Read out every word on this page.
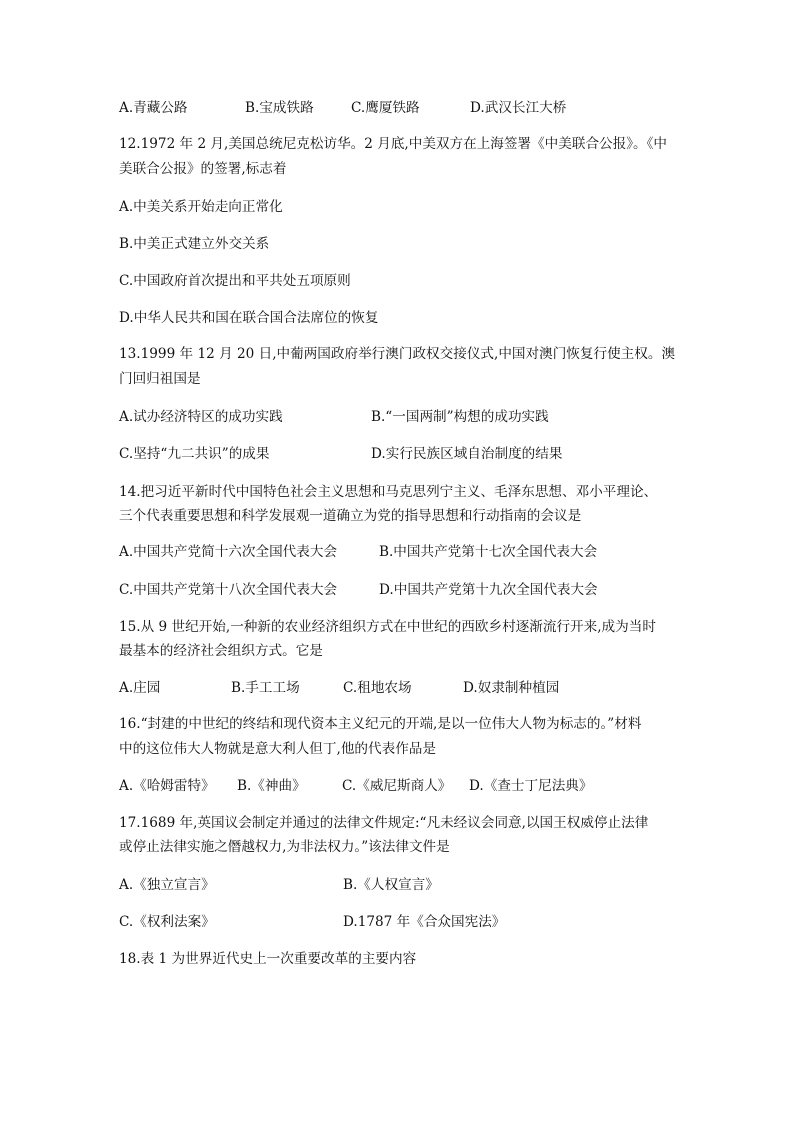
A.青藏公路	B.宝成铁路	C.鹰厦铁路	D.武汉长江大桥
12.1972 年 2 月,美国总统尼克松访华。2 月底,中美双方在上海签署《中美联合公报》。《中
美联合公报》的签署,标志着
A.中美关系开始走向正常化
B.中美正式建立外交关系
C.中国政府首次提出和平共处五项原则
D.中华人民共和国在联合国合法席位的恢复
13.1999 年 12 月 20 日,中葡两国政府举行澳门政权交接仪式,中国对澳门恢复行使主权。澳
门回归祖国是
A.试办经济特区的成功实践	B.“一国两制”构想的成功实践
C.坚持“九二共识”的成果	D.实行民族区域自治制度的结果
14.把习近平新时代中国特色社会主义思想和马克思列宁主义、毛泽东思想、邓小平理论、
三个代表重要思想和科学发展观一道确立为党的指导思想和行动指南的会议是
A.中国共产党简十六次全国代表大会	B.中国共产党第十七次全国代表大会
C.中国共产党第十八次全国代表大会	D.中国共产党第十九次全国代表大会
15.从 9 世纪开始,一种新的农业经济组织方式在中世纪的西欧乡村逐渐流行开来,成为当时
最基本的经济社会组织方式。它是
A.庄园	B.手工工场	C.租地农场	D.奴隶制种植园
16.“封建的中世纪的终结和现代资本主义纪元的开端,是以一位伟大人物为标志的。”材料
中的这位伟大人物就是意大利人但丁,他的代表作品是
A.《哈姆雷特》 B.《神曲》	C.《威尼斯商人》 D.《查士丁尼法典》
17.1689 年,英国议会制定并通过的法律文件规定:“凡未经议会同意,以国王权威停止法律
或停止法律实施之僭越权力,为非法权力。”该法律文件是
A.《独立宣言》	B.《人权宣言》
C.《权利法案》	D.1787 年《合众国宪法》
18.表 1 为世界近代史上一次重要改革的主要内容
